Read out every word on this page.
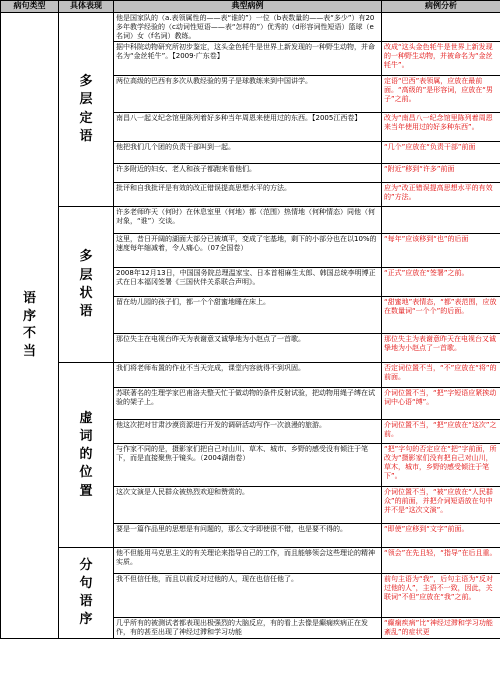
病句类型	具体表现	典型病例	病例分析

语
序
不
当	多
层
定
语	他是国家队的（a.表领属性的——表“谁的”）一位（b表数量的——表“多少”）有20多年教学经验的（c动词性短语——表“怎样的”）优秀的（d形容词性短语）篮球（e名词）女（f名词）教练。	
		据中科院动物研究所初步鉴定，这头金色牦牛是世界上新发现的一种野生动物，并命名为“金丝牦牛”。【2009·广东卷】	改成“这头金色牦牛是世界上新发现的一种野生动物，并被命名为“金丝牦牛”。
		两位高级的巴西有多次从教经验的男子是球教练来到中国讲学。	定语“巴西”表领属，应放在最前面。“高级的”是形容词，应放在“男子”之前。
		南昌八一起义纪念馆里陈列着好多种当年周恩来使用过的东西。【2005江西卷】	改为“南昌八一纪念馆里陈列着周恩来当年使用过的好多种东西”。
		他把我们几个团的负责干部叫到一起。	“几个”应放在“负责干部”前面
		许多附近的妇女、老人和孩子都跑来看他们。	“附近”移到“许多”前面
		批评和自我批评是有效的改正错误提高思想水平的方法。	应为“改正错误提高思想水平的有效的”方法。

	多
层
状
语	许多老师昨天（何时）在休息室里（何地）都（范围）热情地（何种情态）同他（何对象，“谁”）交谈。	
		这里，昔日开阔的湖面大部分已被填平，变成了宅基地，剩下的小部分也在以10%的速度每年缩减着，令人痛心。（07全国卷）	“每年”应该移到“也”的后面
		2008年12月13日，中国国务院总理温家宝、日本首相麻生太郎、韩国总统李明博正式在日本福冈签署《三国伙伴关系联合声明》。	“正式”应放在“签署”之前。
		留在幼儿园的孩子们，都一个个甜蜜地睡在床上。	“甜蜜地”表情态，“都”表范围，应放在数量词“一个个”的后面。
		那位失主在电视台昨天为表谢意又诚挚地为小赵点了一首歌。	那位失主为表谢意昨天在电视台又诚挚地为小赵点了一首歌。

	虚
词
的
位
置	我们将老师布置的作业不当天完成，课堂内容就得不到巩固。	否定词位置不当，“不”应放在“将”的前面。
		苏联著名的生理学家巴甫洛夫整天忙于做动物的条件反射试验，把动物用绳子缚在试验的架子上。	介词位置不当，“把”字短语应紧挨动词中心语“缚”。
		他这次把对甘肃沙漠资源进行开发的调研活动写作一次浪漫的旅游。	介词位置不当，“把”应放在“这次”之前。
		与作家不同的是，摄影家们把自己对山川、草木、城市、乡野的感受没有倾注于笔下，而是直接聚焦于镜头。（2004湖南卷）	“把”字句的否定应在“把”字前面，所改为“摄影家们没有把自己对山川，草木，城市，乡野的感受倾注于笔下”。
		这次文演是人民群众被热烈欢迎和赞赏的。	介词位置不当，“被”应放在“人民群众”的前面，并把介词短语放在句中并不是“这次文演”。
		要是一篇作品里的思想是有问题的，那么文字即使很不错，也是要不得的。	“即使”应移到“文字”前面。

	分
句
语
序	他不但能用马克思主义的有关理论来指导自己的工作，而且能够领会这些理论的精神实质。	“领会”在先且轻，“指导”在后且重。
		我不但信任他，而且以前反对过他的人，现在也信任他了。	前句主语为“我”，后句主语为“反对过他的人”，主语不一致，因此，关联词“不但”应放在“我”之前。
		几乎所有的被测试者都表现出极强烈的大脑反应，有的看上去像是癫痫疾病正在发作，有的甚至出现了神经过滞和学习功能	“癫痫疾病”比“神经过滞和学习功能紊乱”的症状更
